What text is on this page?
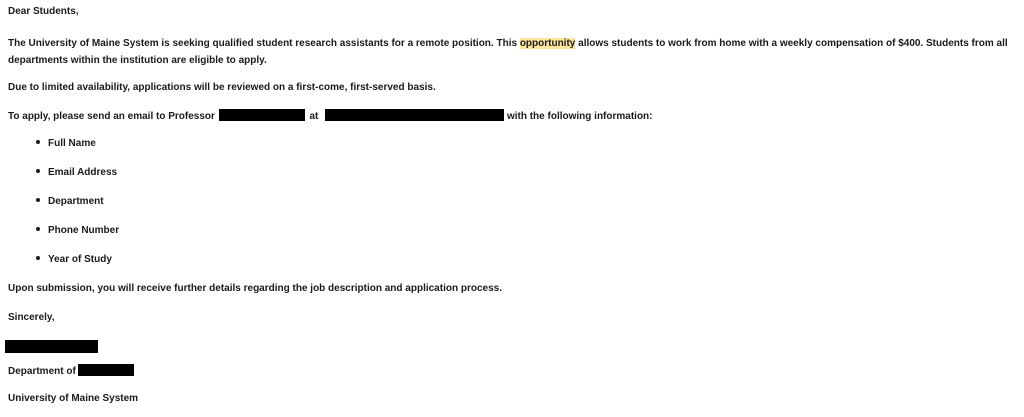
Dear Students,
The University of Maine System is seeking qualified student research assistants for a remote position. This opportunity allows students to work from home with a weekly compensation of $400. Students from all departments within the institution are eligible to apply.
Due to limited availability, applications will be reviewed on a first-come, first-served basis.
To apply, please send an email to Professor	at	with the following information:
Full Name
Email Address
Department
Phone Number
Year of Study
Upon submission, you will receive further details regarding the job description and application process.
Sincerely,
Department of
University of Maine System
